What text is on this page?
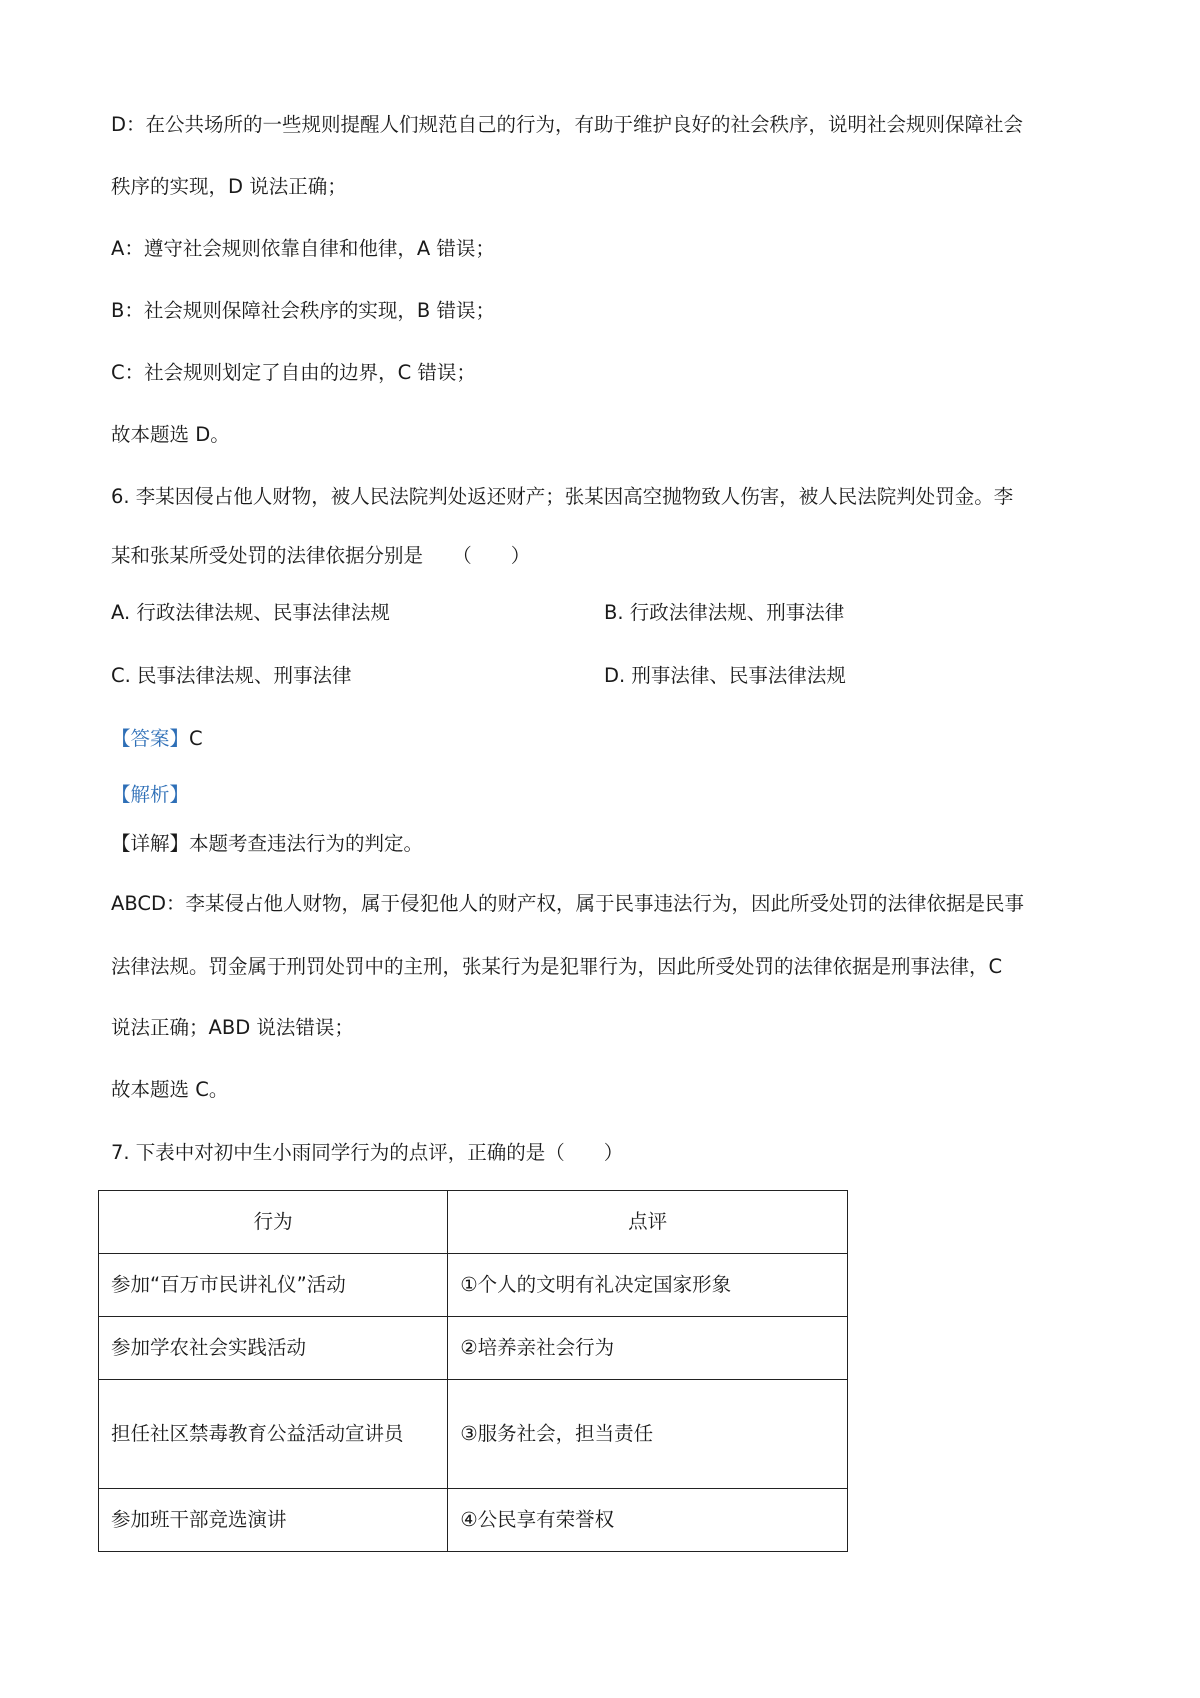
D：在公共场所的一些规则提醒人们规范自己的行为，有助于维护良好的社会秩序，说明社会规则保障社会
秩序的实现，D 说法正确；
A：遵守社会规则依靠自律和他律，A 错误；
B：社会规则保障社会秩序的实现，B 错误；
C：社会规则划定了自由的边界，C 错误；
故本题选 D。
6. 李某因侵占他人财物，被人民法院判处返还财产；张某因高空抛物致人伤害，被人民法院判处罚金。李
某和张某所受处罚的法律依据分别是　　（　　）
A. 行政法律法规、民事法律法规	B. 行政法律法规、刑事法律
C. 民事法律法规、刑事法律	D. 刑事法律、民事法律法规
【答案】C
【解析】
【详解】本题考查违法行为的判定。
ABCD：李某侵占他人财物，属于侵犯他人的财产权，属于民事违法行为，因此所受处罚的法律依据是民事
法律法规。罚金属于刑罚处罚中的主刑，张某行为是犯罪行为，因此所受处罚的法律依据是刑事法律，C
说法正确；ABD 说法错误；
故本题选 C。
7. 下表中对初中生小雨同学行为的点评，正确的是（　　）
行为	点评
参加“百万市民讲礼仪”活动	①个人的文明有礼决定国家形象
参加学农社会实践活动	②培养亲社会行为
担任社区禁毒教育公益活动宣讲员	③服务社会，担当责任
参加班干部竞选演讲	④公民享有荣誉权
